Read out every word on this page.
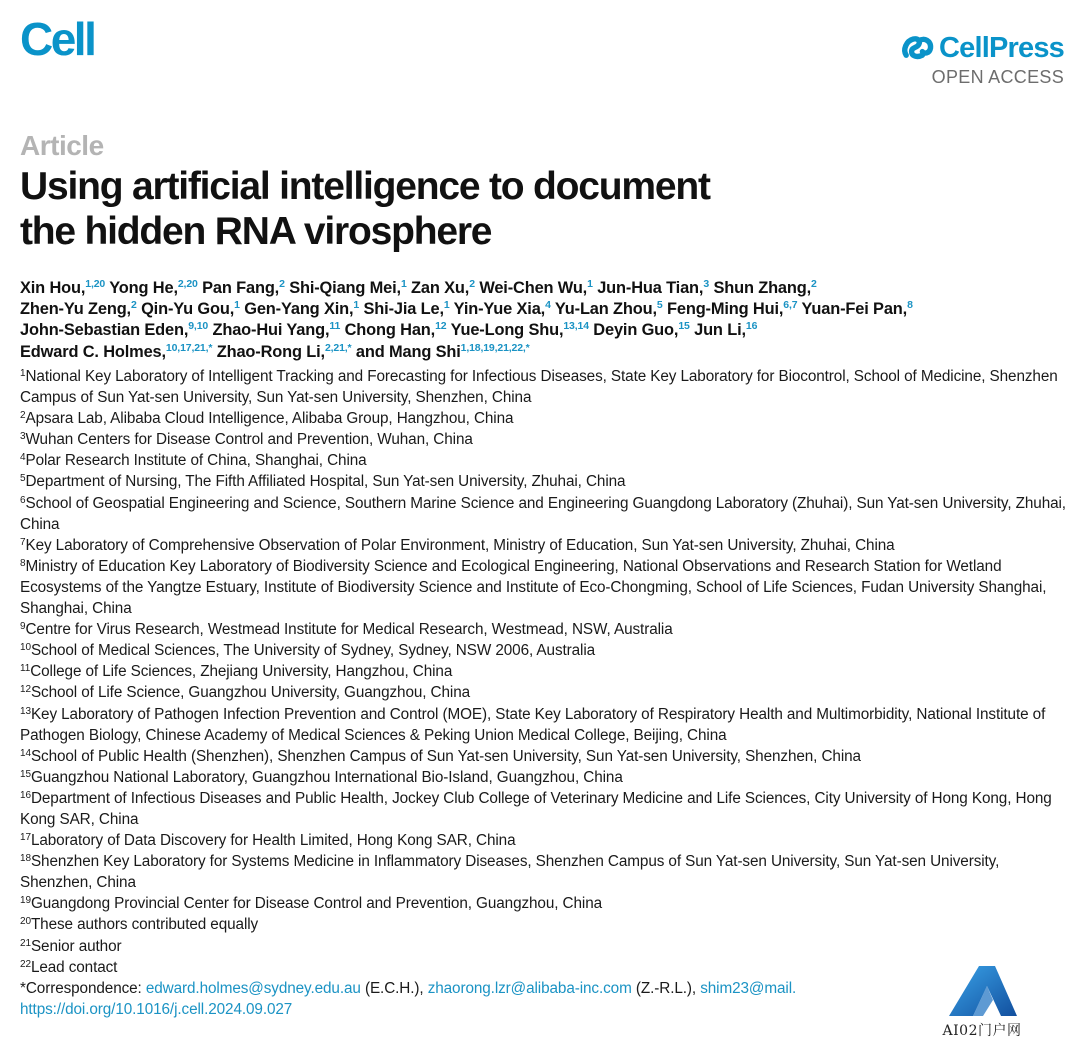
Cell	CellPress
OPEN ACCESS
Article
Using artificial intelligence to document
the hidden RNA virosphere
Xin Hou,$^{1,20}$ Yong He,$^{2,20}$ Pan Fang,$^2$ Shi-Qiang Mei,$^1$ Zan Xu,$^2$ Wei-Chen Wu,$^1$ Jun-Hua Tian,$^3$ Shun Zhang,$^2$
Zhen-Yu Zeng,$^2$ Qin-Yu Gou,$^1$ Gen-Yang Xin,$^1$ Shi-Jia Le,$^1$ Yin-Yue Xia,$^4$ Yu-Lan Zhou,$^5$ Feng-Ming Hui,$^{6,7}$ Yuan-Fei Pan,$^8$
John-Sebastian Eden,$^{9,10}$ Zhao-Hui Yang,$^{11}$ Chong Han,$^{12}$ Yue-Long Shu,$^{13,14}$ Deyin Guo,$^{15}$ Jun Li,$^{16}$
Edward C. Holmes,$^{10,17,21,*}$ Zhao-Rong Li,$^{2,21,*}$ and Mang Shi$^{1,18,19,21,22,*}$
$^1$National Key Laboratory of Intelligent Tracking and Forecasting for Infectious Diseases, State Key Laboratory for Biocontrol, School of Medicine, Shenzhen Campus of Sun Yat-sen University, Sun Yat-sen University, Shenzhen, China
$^2$Apsara Lab, Alibaba Cloud Intelligence, Alibaba Group, Hangzhou, China
$^3$Wuhan Centers for Disease Control and Prevention, Wuhan, China
$^4$Polar Research Institute of China, Shanghai, China
$^5$Department of Nursing, The Fifth Affiliated Hospital, Sun Yat-sen University, Zhuhai, China
$^6$School of Geospatial Engineering and Science, Southern Marine Science and Engineering Guangdong Laboratory (Zhuhai), Sun Yat-sen University, Zhuhai, China
$^7$Key Laboratory of Comprehensive Observation of Polar Environment, Ministry of Education, Sun Yat-sen University, Zhuhai, China
$^8$Ministry of Education Key Laboratory of Biodiversity Science and Ecological Engineering, National Observations and Research Station for Wetland Ecosystems of the Yangtze Estuary, Institute of Biodiversity Science and Institute of Eco-Chongming, School of Life Sciences, Fudan University Shanghai, Shanghai, China
$^9$Centre for Virus Research, Westmead Institute for Medical Research, Westmead, NSW, Australia
$^{10}$School of Medical Sciences, The University of Sydney, Sydney, NSW 2006, Australia
$^{11}$College of Life Sciences, Zhejiang University, Hangzhou, China
$^{12}$School of Life Science, Guangzhou University, Guangzhou, China
$^{13}$Key Laboratory of Pathogen Infection Prevention and Control (MOE), State Key Laboratory of Respiratory Health and Multimorbidity, National Institute of Pathogen Biology, Chinese Academy of Medical Sciences & Peking Union Medical College, Beijing, China
$^{14}$School of Public Health (Shenzhen), Shenzhen Campus of Sun Yat-sen University, Sun Yat-sen University, Shenzhen, China
$^{15}$Guangzhou National Laboratory, Guangzhou International Bio-Island, Guangzhou, China
$^{16}$Department of Infectious Diseases and Public Health, Jockey Club College of Veterinary Medicine and Life Sciences, City University of Hong Kong, Hong Kong SAR, China
$^{17}$Laboratory of Data Discovery for Health Limited, Hong Kong SAR, China
$^{18}$Shenzhen Key Laboratory for Systems Medicine in Inflammatory Diseases, Shenzhen Campus of Sun Yat-sen University, Sun Yat-sen University, Shenzhen, China
$^{19}$Guangdong Provincial Center for Disease Control and Prevention, Guangzhou, China
$^{20}$These authors contributed equally
$^{21}$Senior author
$^{22}$Lead contact
*Correspondence: edward.holmes@sydney.edu.au (E.C.H.), zhaorong.lzr@alibaba-inc.com (Z.-R.L.), shim23@mail.
https://doi.org/10.1016/j.cell.2024.09.027
AI02门户网
